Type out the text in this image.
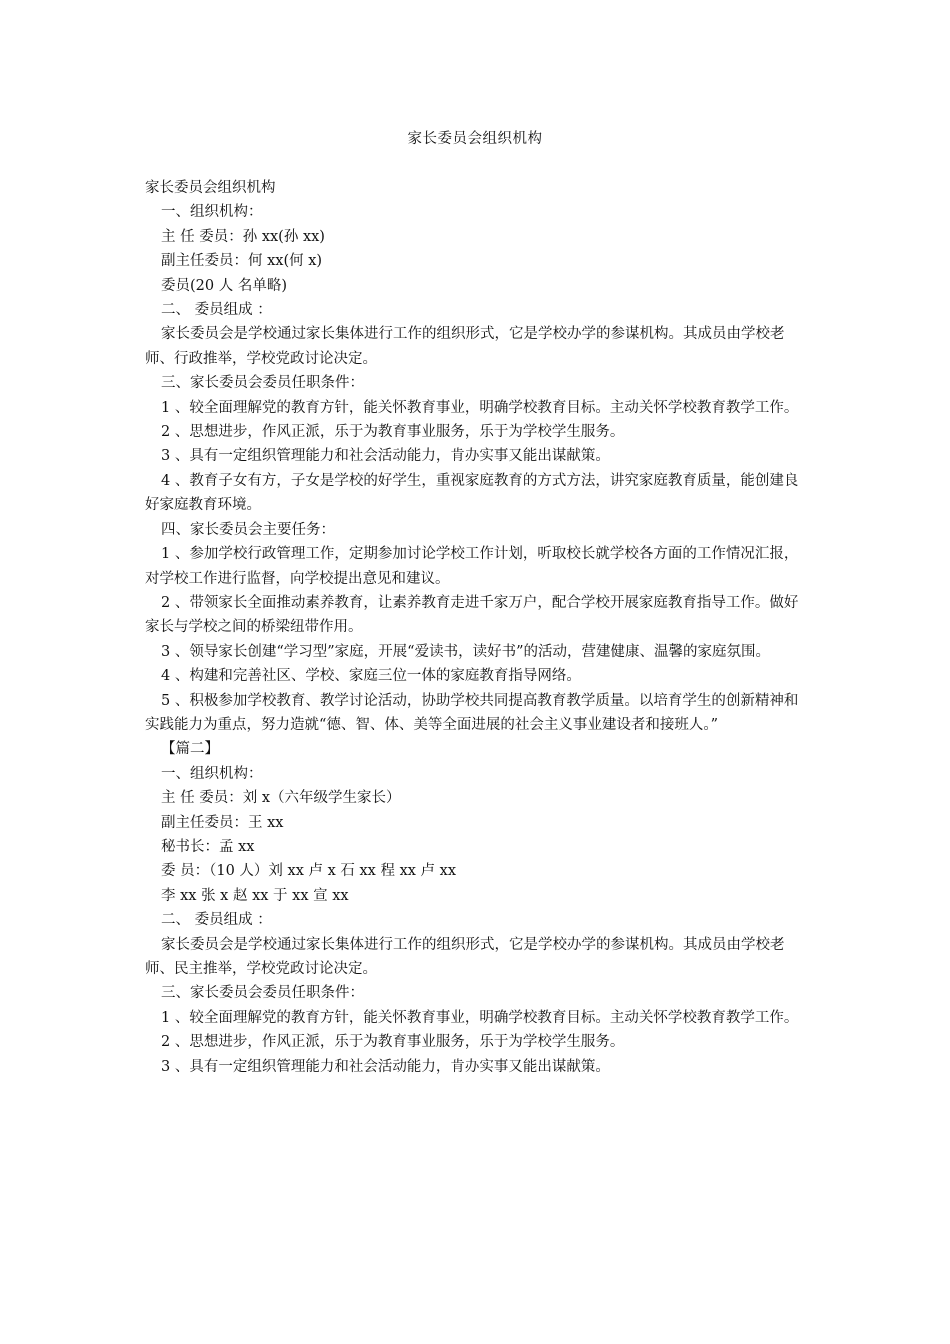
家长委员会组织机构

家长委员会组织机构

一、组织机构：

主 任 委员：孙 xx(孙 xx)

副主任委员：何 xx(何 x)

委员(20 人 名单略)

二、 委员组成 ：

家长委员会是学校通过家长集体进行工作的组织形式，它是学校办学的参谋机构。其成员由学校老师、行政推举，学校党政讨论决定。

三、家长委员会委员任职条件：

1 、较全面理解党的教育方针，能关怀教育事业，明确学校教育目标。主动关怀学校教育教学工作。

2 、思想进步，作风正派，乐于为教育事业服务，乐于为学校学生服务。

3 、具有一定组织管理能力和社会活动能力，肯办实事又能出谋献策。

4 、教育子女有方，子女是学校的好学生，重视家庭教育的方式方法，讲究家庭教育质量，能创建良好家庭教育环境。

四、家长委员会主要任务：

1 、参加学校行政管理工作，定期参加讨论学校工作计划，听取校长就学校各方面的工作情况汇报，对学校工作进行监督，向学校提出意见和建议。

2 、带领家长全面推动素养教育，让素养教育走进千家万户，配合学校开展家庭教育指导工作。做好家长与学校之间的桥梁纽带作用。

3 、领导家长创建“学习型”家庭，开展“爱读书，读好书”的活动，营建健康、温馨的家庭氛围。

4 、构建和完善社区、学校、家庭三位一体的家庭教育指导网络。

5 、积极参加学校教育、教学讨论活动，协助学校共同提高教育教学质量。以培育学生的创新精神和实践能力为重点，努力造就“德、智、体、美等全面进展的社会主义事业建设者和接班人。”

【篇二】

一、组织机构：

主 任 委员：刘 x（六年级学生家长）

副主任委员：王 xx

秘书长：孟 xx

委 员：（10 人）刘 xx 卢 x 石 xx 程 xx 卢 xx

李 xx 张 x 赵 xx 于 xx 宣 xx

二、 委员组成 ：

家长委员会是学校通过家长集体进行工作的组织形式，它是学校办学的参谋机构。其成员由学校老师、民主推举，学校党政讨论决定。

三、家长委员会委员任职条件：

1 、较全面理解党的教育方针，能关怀教育事业，明确学校教育目标。主动关怀学校教育教学工作。

2 、思想进步，作风正派，乐于为教育事业服务，乐于为学校学生服务。

3 、具有一定组织管理能力和社会活动能力，肯办实事又能出谋献策。
